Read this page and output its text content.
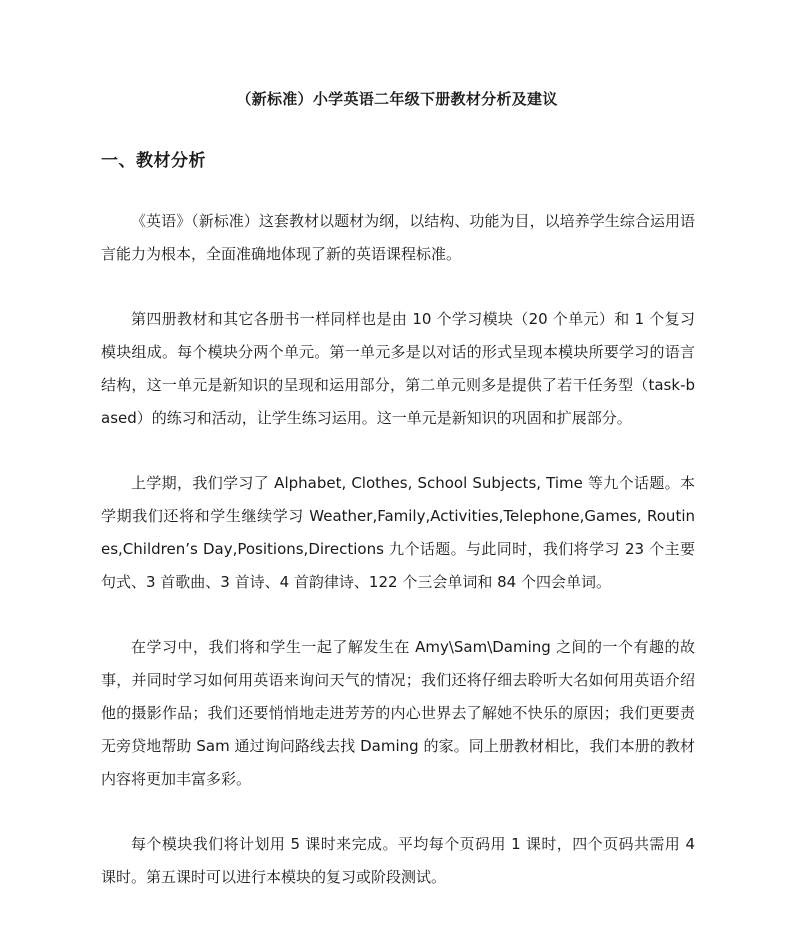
（新标准）小学英语二年级下册教材分析及建议
一、教材分析

《英语》（新标准）这套教材以题材为纲，以结构、功能为目，以培养学生综合运用语言能力为根本，全面准确地体现了新的英语课程标准。

第四册教材和其它各册书一样同样也是由 10 个学习模块（20 个单元）和 1 个复习模块组成。每个模块分两个单元。第一单元多是以对话的形式呈现本模块所要学习的语言结构，这一单元是新知识的呈现和运用部分，第二单元则多是提供了若干任务型（task-based）的练习和活动，让学生练习运用。这一单元是新知识的巩固和扩展部分。

上学期，我们学习了 Alphabet, Clothes, School Subjects, Time 等九个话题。本学期我们还将和学生继续学习 Weather,Family,Activities,Telephone,Games, Routines,Children’s Day,Positions,Directions 九个话题。与此同时，我们将学习 23 个主要句式、3 首歌曲、3 首诗、4 首韵律诗、122 个三会单词和 84 个四会单词。

在学习中，我们将和学生一起了解发生在 Amy\Sam\Daming 之间的一个有趣的故事，并同时学习如何用英语来询问天气的情况；我们还将仔细去聆听大名如何用英语介绍他的摄影作品；我们还要悄悄地走进芳芳的内心世界去了解她不快乐的原因；我们更要责无旁贷地帮助 Sam 通过询问路线去找 Daming 的家。同上册教材相比，我们本册的教材内容将更加丰富多彩。

每个模块我们将计划用 5 课时来完成。平均每个页码用 1 课时，四个页码共需用 4 课时。第五课时可以进行本模块的复习或阶段测试。
